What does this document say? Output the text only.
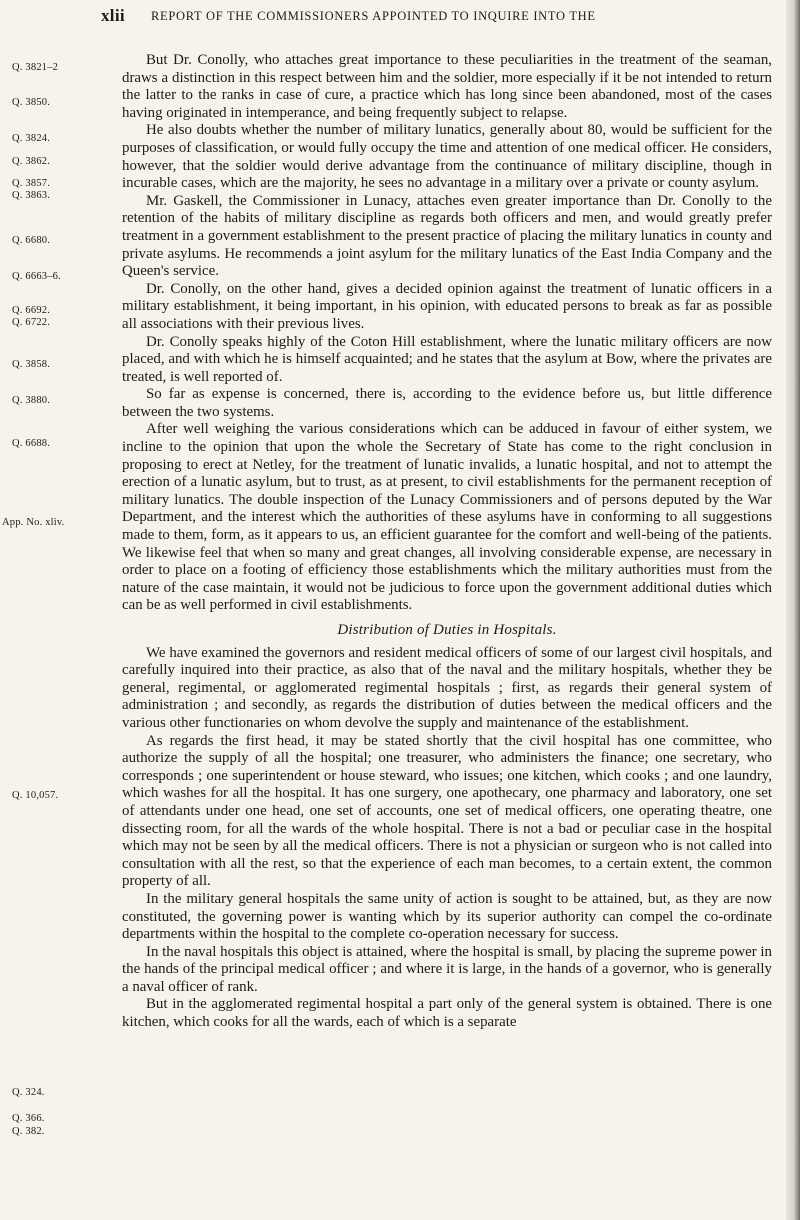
xlii REPORT OF THE COMMISSIONERS APPOINTED TO INQUIRE INTO THE
Q. 3821–2
Q. 3850.
Q. 3824.
Q. 3862.
Q. 3857.
Q. 3863.
Q. 6680.
Q. 6663–6.
Q. 6692.
Q. 6722.
Q. 3858.
Q. 3880.
Q. 6688.
App. No. xliv.
Q. 10,057.
Q. 324.
Q. 366.
Q. 382.

But Dr. Conolly, who attaches great importance to these peculiarities in the treatment of the seaman, draws a distinction in this respect between him and the soldier, more especially if it be not intended to return the latter to the ranks in case of cure, a practice which has long since been abandoned, most of the cases having originated in intemperance, and being frequently subject to relapse.

He also doubts whether the number of military lunatics, generally about 80, would be sufficient for the purposes of classification, or would fully occupy the time and attention of one medical officer. He considers, however, that the soldier would derive advantage from the continuance of military discipline, though in incurable cases, which are the majority, he sees no advantage in a military over a private or county asylum.

Mr. Gaskell, the Commissioner in Lunacy, attaches even greater importance than Dr. Conolly to the retention of the habits of military discipline as regards both officers and men, and would greatly prefer treatment in a government establishment to the present practice of placing the military lunatics in county and private asylums. He recommends a joint asylum for the military lunatics of the East India Company and the Queen's service.

Dr. Conolly, on the other hand, gives a decided opinion against the treatment of lunatic officers in a military establishment, it being important, in his opinion, with educated persons to break as far as possible all associations with their previous lives.

Dr. Conolly speaks highly of the Coton Hill establishment, where the lunatic military officers are now placed, and with which he is himself acquainted; and he states that the asylum at Bow, where the privates are treated, is well reported of.

So far as expense is concerned, there is, according to the evidence before us, but little difference between the two systems.

After well weighing the various considerations which can be adduced in favour of either system, we incline to the opinion that upon the whole the Secretary of State has come to the right conclusion in proposing to erect at Netley, for the treatment of lunatic invalids, a lunatic hospital, and not to attempt the erection of a lunatic asylum, but to trust, as at present, to civil establishments for the permanent reception of military lunatics. The double inspection of the Lunacy Commissioners and of persons deputed by the War Department, and the interest which the authorities of these asylums have in conforming to all suggestions made to them, form, as it appears to us, an efficient guarantee for the comfort and well-being of the patients. We likewise feel that when so many and great changes, all involving considerable expense, are necessary in order to place on a footing of efficiency those establishments which the military authorities must from the nature of the case maintain, it would not be judicious to force upon the government additional duties which can be as well performed in civil establishments.

Distribution of Duties in Hospitals.

We have examined the governors and resident medical officers of some of our largest civil hospitals, and carefully inquired into their practice, as also that of the naval and the military hospitals, whether they be general, regimental, or agglomerated regimental hospitals ; first, as regards their general system of administration ; and secondly, as regards the distribution of duties between the medical officers and the various other functionaries on whom devolve the supply and maintenance of the establishment.

As regards the first head, it may be stated shortly that the civil hospital has one committee, who authorize the supply of all the hospital; one treasurer, who administers the finance; one secretary, who corresponds ; one superintendent or house steward, who issues; one kitchen, which cooks ; and one laundry, which washes for all the hospital. It has one surgery, one apothecary, one pharmacy and laboratory, one set of attendants under one head, one set of accounts, one set of medical officers, one operating theatre, one dissecting room, for all the wards of the whole hospital. There is not a bad or peculiar case in the hospital which may not be seen by all the medical officers. There is not a physician or surgeon who is not called into consultation with all the rest, so that the experience of each man becomes, to a certain extent, the common property of all.

In the military general hospitals the same unity of action is sought to be attained, but, as they are now constituted, the governing power is wanting which by its superior authority can compel the co-ordinate departments within the hospital to the complete co-operation necessary for success.

In the naval hospitals this object is attained, where the hospital is small, by placing the supreme power in the hands of the principal medical officer ; and where it is large, in the hands of a governor, who is generally a naval officer of rank.

But in the agglomerated regimental hospital a part only of the general system is obtained. There is one kitchen, which cooks for all the wards, each of which is a separate
